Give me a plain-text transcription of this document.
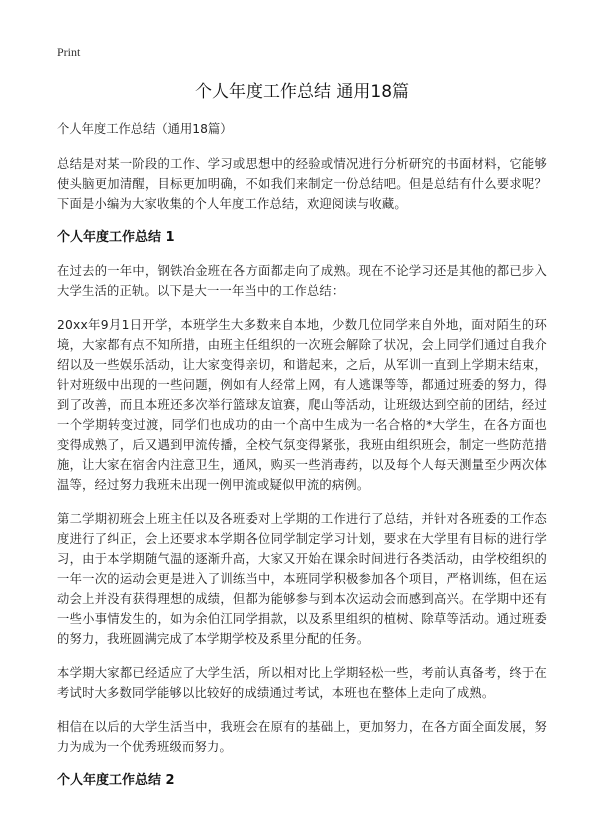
Print
个人年度工作总结 通用18篇

个人年度工作总结（通用18篇）

总结是对某一阶段的工作、学习或思想中的经验或情况进行分析研究的书面材料，它能够使头脑更加清醒，目标更加明确，不如我们来制定一份总结吧。但是总结有什么要求呢？下面是小编为大家收集的个人年度工作总结，欢迎阅读与收藏。

个人年度工作总结 1

在过去的一年中，钢铁冶金班在各方面都走向了成熟。现在不论学习还是其他的都已步入大学生活的正轨。以下是大一一年当中的工作总结：

20xx年9月1日开学，本班学生大多数来自本地，少数几位同学来自外地，面对陌生的环境，大家都有点不知所措，由班主任组织的一次班会解除了状况，会上同学们通过自我介绍以及一些娱乐活动，让大家变得亲切，和谐起来，之后，从军训一直到上学期末结束，针对班级中出现的一些问题，例如有人经常上网，有人逃课等等，都通过班委的努力，得到了改善，而且本班还多次举行篮球友谊赛，爬山等活动，让班级达到空前的团结，经过一个学期转变过渡，同学们也成功的由一个高中生成为一名合格的*大学生，在各方面也变得成熟了，后又遇到甲流传播，全校气氛变得紧张，我班由组织班会，制定一些防范措施，让大家在宿舍内注意卫生，通风，购买一些消毒药，以及每个人每天测量至少两次体温等，经过努力我班未出现一例甲流或疑似甲流的病例。

第二学期初班会上班主任以及各班委对上学期的工作进行了总结，并针对各班委的工作态度进行了纠正，会上还要求本学期各位同学制定学习计划，要求在大学里有目标的进行学习，由于本学期随气温的逐渐升高，大家又开始在课余时间进行各类活动，由学校组织的一年一次的运动会更是进入了训练当中，本班同学积极参加各个项目，严格训练，但在运动会上并没有获得理想的成绩，但都为能够参与到本次运动会而感到高兴。在学期中还有一些小事情发生的，如为余伯江同学捐款，以及系里组织的植树、除草等活动。通过班委的努力，我班圆满完成了本学期学校及系里分配的任务。

本学期大家都已经适应了大学生活，所以相对比上学期轻松一些，考前认真备考，终于在考试时大多数同学能够以比较好的成绩通过考试，本班也在整体上走向了成熟。

相信在以后的大学生活当中，我班会在原有的基础上，更加努力，在各方面全面发展，努力为成为一个优秀班级而努力。

个人年度工作总结 2
